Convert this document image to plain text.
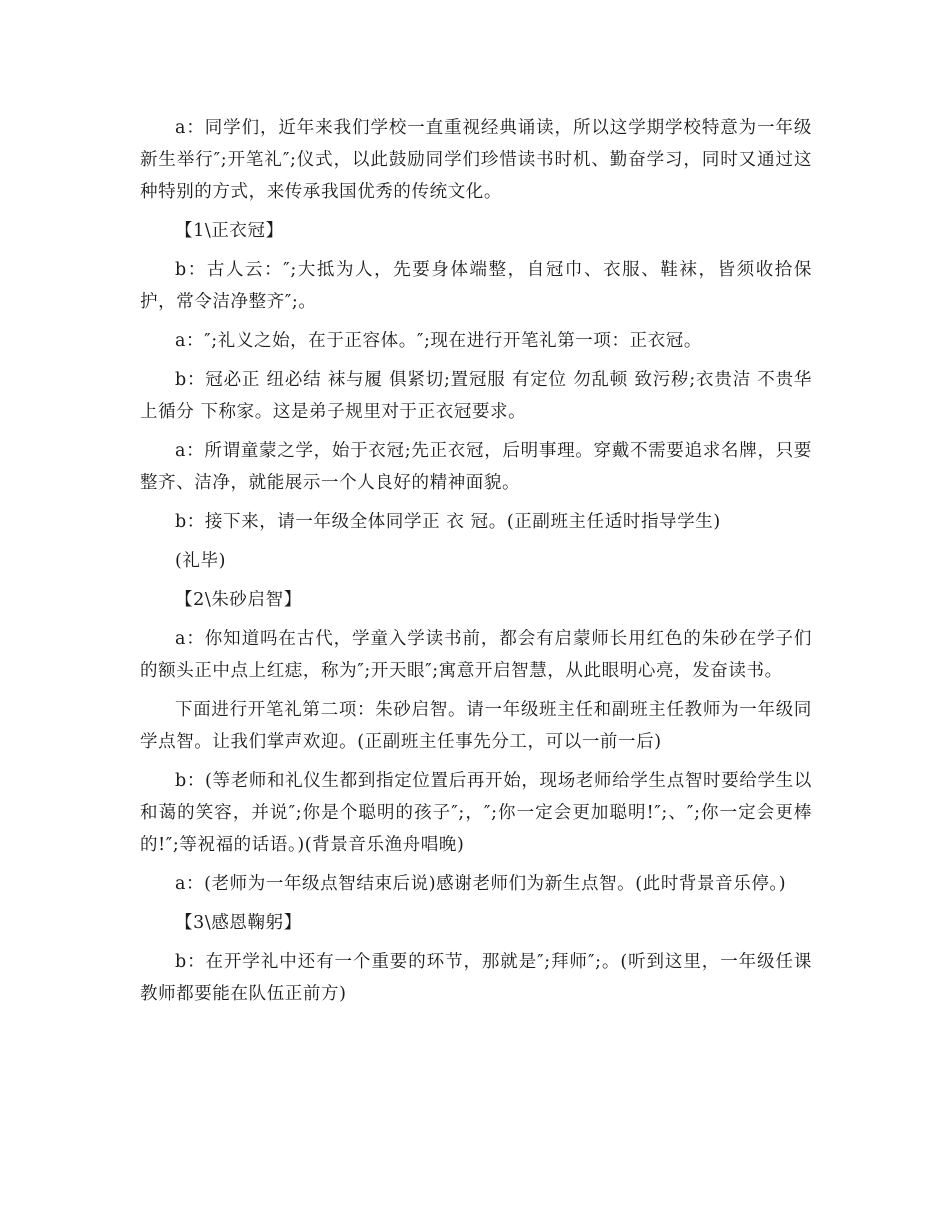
a：同学们，近年来我们学校一直重视经典诵读，所以这学期学校特意为一年级新生举行″;开笔礼″;仪式，以此鼓励同学们珍惜读书时机、勤奋学习，同时又通过这种特别的方式，来传承我国优秀的传统文化。

【1\正衣冠】

b：古人云：″;大抵为人，先要身体端整，自冠巾、衣服、鞋袜，皆须收拾保护，常令洁净整齐″;。

a：″;礼义之始，在于正容体。″;现在进行开笔礼第一项：正衣冠。

b：冠必正 纽必结 袜与履 俱紧切;置冠服 有定位 勿乱顿 致污秽;衣贵洁 不贵华 上循分 下称家。这是弟子规里对于正衣冠要求。

a：所谓童蒙之学，始于衣冠;先正衣冠，后明事理。穿戴不需要追求名牌，只要整齐、洁净，就能展示一个人良好的精神面貌。

b：接下来，请一年级全体同学正 衣 冠。(正副班主任适时指导学生)

(礼毕)

【2\朱砂启智】

a：你知道吗在古代，学童入学读书前，都会有启蒙师长用红色的朱砂在学子们的额头正中点上红痣，称为″;开天眼″;寓意开启智慧，从此眼明心亮，发奋读书。

下面进行开笔礼第二项：朱砂启智。请一年级班主任和副班主任教师为一年级同学点智。让我们掌声欢迎。(正副班主任事先分工，可以一前一后)

b：(等老师和礼仪生都到指定位置后再开始，现场老师给学生点智时要给学生以和蔼的笑容，并说″;你是个聪明的孩子″;，″;你一定会更加聪明!″;、″;你一定会更棒的!″;等祝福的话语。)(背景音乐渔舟唱晚)

a：(老师为一年级点智结束后说)感谢老师们为新生点智。(此时背景音乐停。)

【3\感恩鞠躬】

b：在开学礼中还有一个重要的环节，那就是″;拜师″;。(听到这里，一年级任课教师都要能在队伍正前方)
